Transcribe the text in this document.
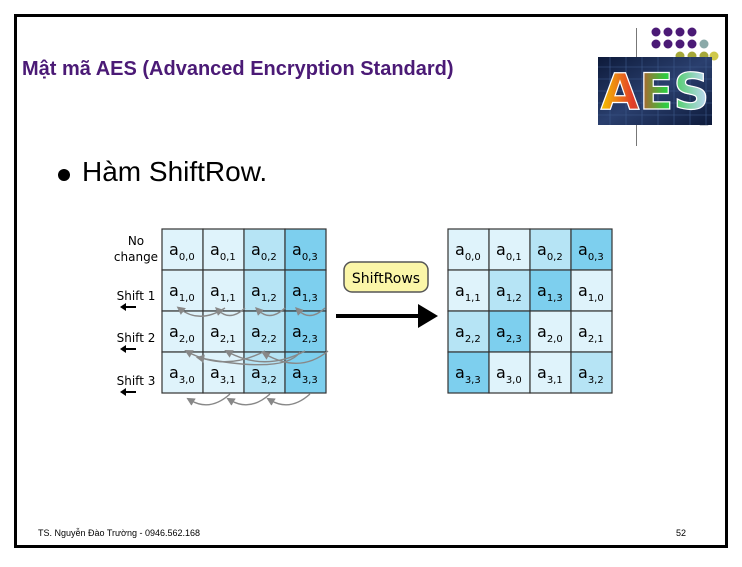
Mật mã AES (Advanced Encryption Standard)	AES
Hàm ShiftRow.
No
change
Shift 1
Shift 2
Shift 3
$a_{0,0}$ $a_{0,1}$ $a_{0,2}$ $a_{0,3}$
$a_{1,0}$ $a_{1,1}$ $a_{1,2}$ $a_{1,3}$
$a_{2,0}$ $a_{2,1}$ $a_{2,2}$ $a_{2,3}$
$a_{3,0}$ $a_{3,1}$ $a_{3,2}$ $a_{3,3}$
$a_{0,0}$ $a_{0,1}$ $a_{0,2}$ $a_{0,3}$
$a_{1,1}$ $a_{1,2}$ $a_{1,3}$ $a_{1,0}$
$a_{2,2}$ $a_{2,3}$ $a_{2,0}$ $a_{2,1}$
$a_{3,3}$ $a_{3,0}$ $a_{3,1}$ $a_{3,2}$
ShiftRows
TS. Nguyễn Đào Trường - 0946.562.168	52
